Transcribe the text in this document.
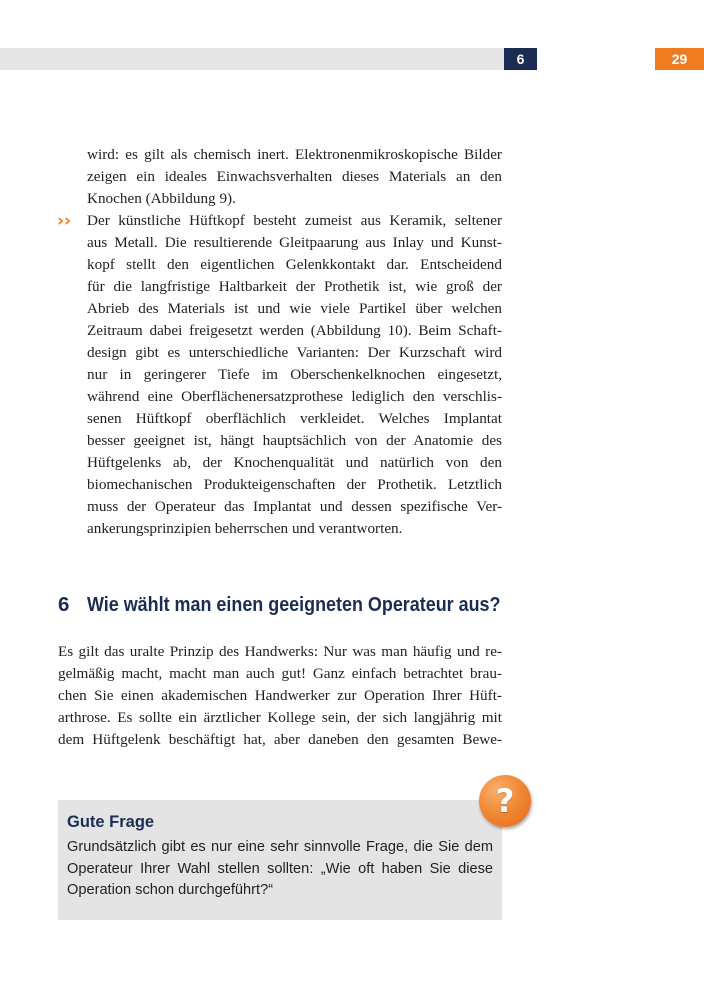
6	29
››
wird: es gilt als chemisch inert. Elektronenmikroskopische Bilder
zeigen ein ideales Einwachsverhalten dieses Materials an den
Knochen (Abbildung 9).
Der künstliche Hüftkopf besteht zumeist aus Keramik, seltener
aus Metall. Die resultierende Gleitpaarung aus Inlay und Kunst-
kopf stellt den eigentlichen Gelenkkontakt dar. Entscheidend
für die langfristige Haltbarkeit der Prothetik ist, wie groß der
Abrieb des Materials ist und wie viele Partikel über welchen
Zeitraum dabei freigesetzt werden (Abbildung 10). Beim Schaft-
design gibt es unterschiedliche Varianten: Der Kurzschaft wird
nur in geringerer Tiefe im Oberschenkelknochen eingesetzt,
während eine Oberflächenersatzprothese lediglich den verschlis-
senen Hüftkopf oberflächlich verkleidet. Welches Implantat
besser geeignet ist, hängt hauptsächlich von der Anatomie des
Hüftgelenks ab, der Knochenqualität und natürlich von den
biomechanischen Produkteigenschaften der Prothetik. Letztlich
muss der Operateur das Implantat und dessen spezifische Ver-
ankerungsprinzipien beherrschen und verantworten.
6 Wie wählt man einen geeigneten Operateur aus?
Es gilt das uralte Prinzip des Handwerks: Nur was man häufig und re-
gelmäßig macht, macht man auch gut! Ganz einfach betrachtet brau-
chen Sie einen akademischen Handwerker zur Operation Ihrer Hüft-
arthrose. Es sollte ein ärztlicher Kollege sein, der sich langjährig mit
dem Hüftgelenk beschäftigt hat, aber daneben den gesamten Bewe-
Gute Frage
Grundsätzlich gibt es nur eine sehr sinnvolle Frage, die Sie dem
Operateur Ihrer Wahl stellen sollten: „Wie oft haben Sie diese
Operation schon durchgeführt?“
?
